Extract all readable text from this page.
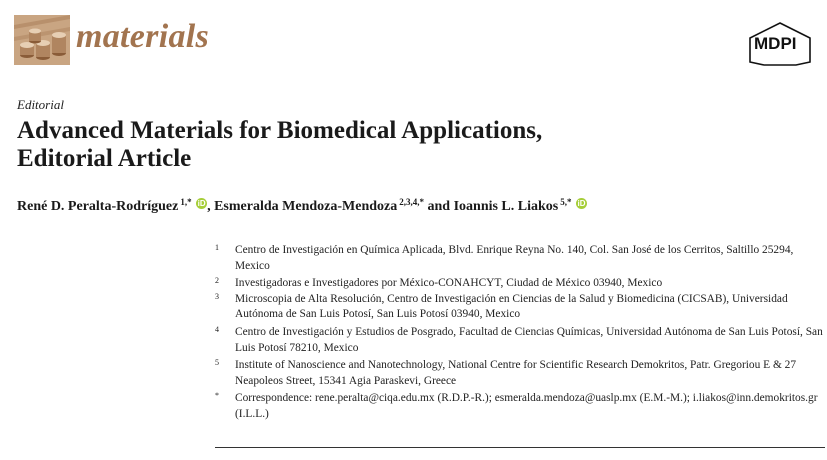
materials	MDPI
Editorial
Advanced Materials for Biomedical Applications,
Editorial Article
René D. Peralta-Rodríguez $^{1,*}$ iD , Esmeralda Mendoza-Mendoza $^{2,3,4,*}$ and Ioannis L. Liakos $^{5,*}$ iD
1 Centro de Investigación en Química Aplicada, Blvd. Enrique Reyna No. 140, Col. San José de los Cerritos, Saltillo 25294, Mexico
2 Investigadoras e Investigadores por México-CONAHCYT, Ciudad de México 03940, Mexico
3 Microscopia de Alta Resolución, Centro de Investigación en Ciencias de la Salud y Biomedicina (CICSAB), Universidad Autónoma de San Luis Potosí, San Luis Potosí 03940, Mexico
4 Centro de Investigación y Estudios de Posgrado, Facultad de Ciencias Químicas, Universidad Autónoma de San Luis Potosí, San Luis Potosí 78210, Mexico
5 Institute of Nanoscience and Nanotechnology, National Centre for Scientific Research Demokritos, Patr. Gregoriou E & 27 Neapoleos Street, 15341 Agia Paraskevi, Greece
* Correspondence: rene.peralta@ciqa.edu.mx (R.D.P.-R.); esmeralda.mendoza@uaslp.mx (E.M.-M.); i.liakos@inn.demokritos.gr (I.L.L.)
